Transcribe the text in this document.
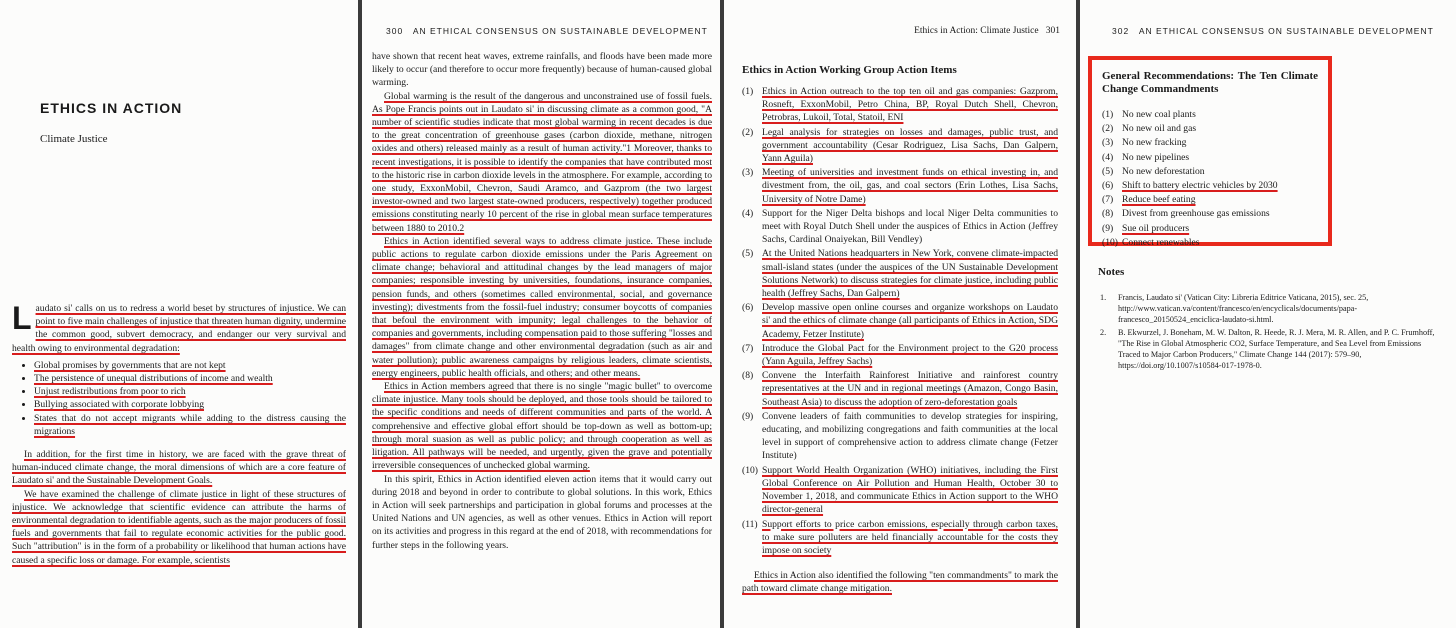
ETHICS IN ACTION
Climate Justice

Laudato si' calls on us to redress a world beset by structures of injustice. We can point to five main challenges of injustice that threaten human dignity, undermine the common good, subvert democracy, and endanger our very survival and health owing to environmental degradation:

• Global promises by governments that are not kept
• The persistence of unequal distributions of income and wealth
• Unjust redistributions from poor to rich
• Bullying associated with corporate lobbying
• States that do not accept migrants while adding to the distress causing the migrations

In addition, for the first time in history, we are faced with the grave threat of human-induced climate change, the moral dimensions of which are a core feature of Laudato si' and the Sustainable Development Goals.

We have examined the challenge of climate justice in light of these structures of injustice. We acknowledge that scientific evidence can attribute the harms of environmental degradation to identifiable agents, such as the major producers of fossil fuels and governments that fail to regulate economic activities for the public good. Such "attribution" is in the form of a probability or likelihood that human actions have caused a specific loss or damage. For example, scientists

300 AN ETHICAL CONSENSUS ON SUSTAINABLE DEVELOPMENT

have shown that recent heat waves, extreme rainfalls, and floods have been made more likely to occur (and therefore to occur more frequently) because of human-caused global warming.

Global warming is the result of the dangerous and unconstrained use of fossil fuels. As Pope Francis points out in Laudato si' in discussing climate as a common good, "A number of scientific studies indicate that most global warming in recent decades is due to the great concentration of greenhouse gases (carbon dioxide, methane, nitrogen oxides and others) released mainly as a result of human activity."1 Moreover, thanks to recent investigations, it is possible to identify the companies that have contributed most to the historic rise in carbon dioxide levels in the atmosphere. For example, according to one study, ExxonMobil, Chevron, Saudi Aramco, and Gazprom (the two largest investor-owned and two largest state-owned producers, respectively) together produced emissions constituting nearly 10 percent of the rise in global mean surface temperatures between 1880 to 2010.2

Ethics in Action identified several ways to address climate justice. These include public actions to regulate carbon dioxide emissions under the Paris Agreement on climate change; behavioral and attitudinal changes by the lead managers of major companies; responsible investing by universities, foundations, insurance companies, pension funds, and others (sometimes called environmental, social, and governance investing); divestments from the fossil-fuel industry; consumer boycotts of companies that befoul the environment with impunity; legal challenges to the behavior of companies and governments, including compensation paid to those suffering "losses and damages" from climate change and other environmental degradation (such as air and water pollution); public awareness campaigns by religious leaders, climate scientists, energy engineers, public health officials, and others; and other means.

Ethics in Action members agreed that there is no single "magic bullet" to overcome climate injustice. Many tools should be deployed, and those tools should be tailored to the specific conditions and needs of different communities and parts of the world. A comprehensive and effective global effort should be top-down as well as bottom-up; through moral suasion as well as public policy; and through cooperation as well as litigation. All pathways will be needed, and urgently, given the grave and potentially irreversible consequences of unchecked global warming.

In this spirit, Ethics in Action identified eleven action items that it would carry out during 2018 and beyond in order to contribute to global solutions. In this work, Ethics in Action will seek partnerships and participation in global forums and processes at the United Nations and UN agencies, as well as other venues. Ethics in Action will report on its activities and progress in this regard at the end of 2018, with recommendations for further steps in the following years.

Ethics in Action: Climate Justice 301
Ethics in Action Working Group Action Items
(1) Ethics in Action outreach to the top ten oil and gas companies: Gazprom, Rosneft, ExxonMobil, Petro China, BP, Royal Dutch Shell, Chevron, Petrobras, Lukoil, Total, Statoil, ENI
(2) Legal analysis for strategies on losses and damages, public trust, and government accountability (Cesar Rodriguez, Lisa Sachs, Dan Galpern, Yann Aguila)
(3) Meeting of universities and investment funds on ethical investing in, and divestment from, the oil, gas, and coal sectors (Erin Lothes, Lisa Sachs, University of Notre Dame)
(4) Support for the Niger Delta bishops and local Niger Delta communities to meet with Royal Dutch Shell under the auspices of Ethics in Action (Jeffrey Sachs, Cardinal Onaiyekan, Bill Vendley)
(5) At the United Nations headquarters in New York, convene climate-impacted small-island states (under the auspices of the UN Sustainable Development Solutions Network) to discuss strategies for climate justice, including public health (Jeffrey Sachs, Dan Galpern)
(6) Develop massive open online courses and organize workshops on Laudato si' and the ethics of climate change (all participants of Ethics in Action, SDG Academy, Fetzer Institute)
(7) Introduce the Global Pact for the Environment project to the G20 process (Yann Aguila, Jeffrey Sachs)
(8) Convene the Interfaith Rainforest Initiative and rainforest country representatives at the UN and in regional meetings (Amazon, Congo Basin, Southeast Asia) to discuss the adoption of zero-deforestation goals
(9) Convene leaders of faith communities to develop strategies for inspiring, educating, and mobilizing congregations and faith communities at the local level in support of comprehensive action to address climate change (Fetzer Institute)
(10) Support World Health Organization (WHO) initiatives, including the First Global Conference on Air Pollution and Human Health, October 30 to November 1, 2018, and communicate Ethics in Action support to the WHO director-general
(11) Support efforts to price carbon emissions, especially through carbon taxes, to make sure polluters are held financially accountable for the costs they impose on society

Ethics in Action also identified the following "ten commandments" to mark the path toward climate change mitigation.

302 AN ETHICAL CONSENSUS ON SUSTAINABLE DEVELOPMENT
General Recommendations: The Ten Climate Change Commandments
(1) No new coal plants
(2) No new oil and gas
(3) No new fracking
(4) No new pipelines
(5) No new deforestation
(6) Shift to battery electric vehicles by 2030
(7) Reduce beef eating
(8) Divest from greenhouse gas emissions
(9) Sue oil producers
(10) Connect renewables
Notes
1. Francis, Laudato si' (Vatican City: Libreria Editrice Vaticana, 2015), sec. 25, http://www.vatican.va/content/francesco/en/encyclicals/documents/papa-francesco_20150524_enciclica-laudato-si.html.
2. B. Ekwurzel, J. Boneham, M. W. Dalton, R. Heede, R. J. Mera, M. R. Allen, and P. C. Frumhoff, "The Rise in Global Atmospheric CO2, Surface Temperature, and Sea Level from Emissions Traced to Major Carbon Producers," Climate Change 144 (2017): 579–90, https://doi.org/10.1007/s10584-017-1978-0.
